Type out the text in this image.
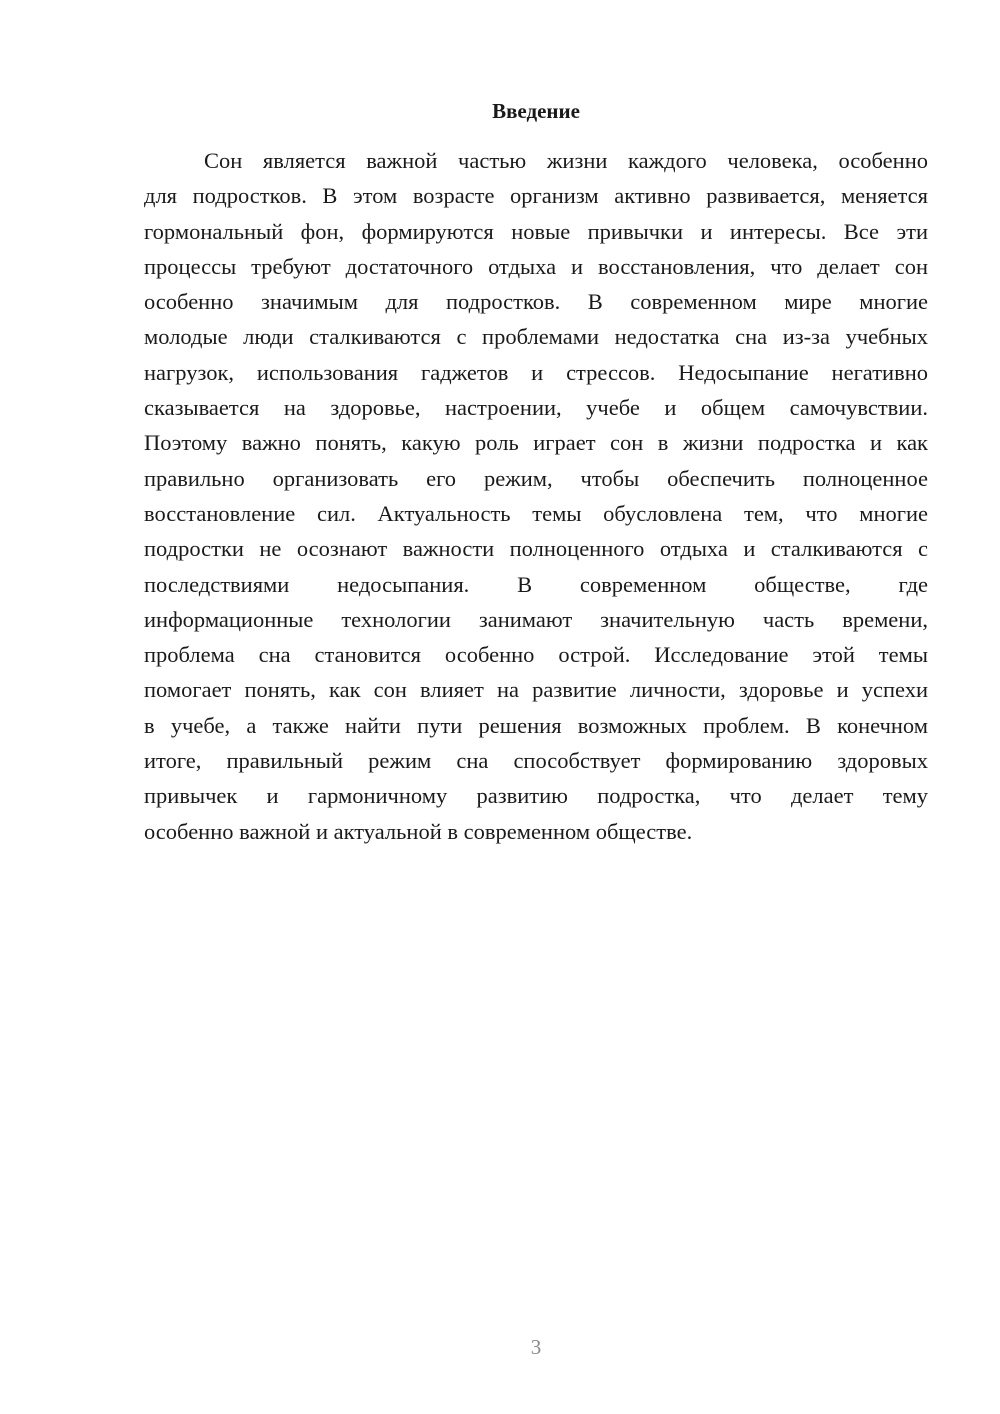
Введение
Сон является важной частью жизни каждого человека, особенно
для подростков. В этом возрасте организм активно развивается, меняется
гормональный фон, формируются новые привычки и интересы. Все эти
процессы требуют достаточного отдыха и восстановления, что делает сон
особенно значимым для подростков. В современном мире многие
молодые люди сталкиваются с проблемами недостатка сна из-за учебных
нагрузок, использования гаджетов и стрессов. Недосыпание негативно
сказывается на здоровье, настроении, учебе и общем самочувствии.
Поэтому важно понять, какую роль играет сон в жизни подростка и как
правильно организовать его режим, чтобы обеспечить полноценное
восстановление сил. Актуальность темы обусловлена тем, что многие
подростки не осознают важности полноценного отдыха и сталкиваются с
последствиями недосыпания. В современном обществе, где
информационные технологии занимают значительную часть времени,
проблема сна становится особенно острой. Исследование этой темы
помогает понять, как сон влияет на развитие личности, здоровье и успехи
в учебе, а также найти пути решения возможных проблем. В конечном
итоге, правильный режим сна способствует формированию здоровых
привычек и гармоничному развитию подростка, что делает тему
особенно важной и актуальной в современном обществе.
3
